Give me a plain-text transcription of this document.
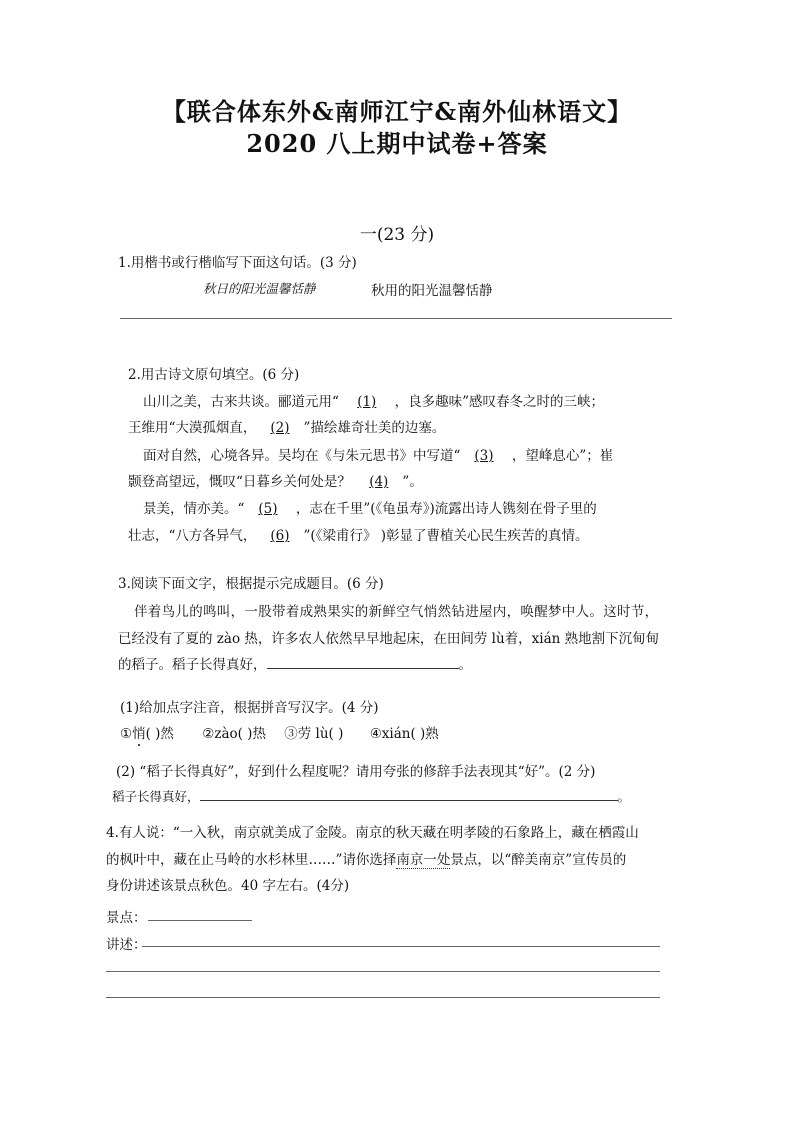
【联合体东外&南师江宁&南外仙林语文】
2020 八上期中试卷+答案
一(23 分)
1.用楷书或行楷临写下面这句话。(3 分)
秋日的阳光温馨恬静	秋用的阳光温馨恬静
2.用古诗文原句填空。(6 分)
山川之美，古来共谈。郦道元用“ (1) ，良多趣味”感叹春冬之时的三峡；
王维用“大漠孤烟直， (2) ”描绘雄奇壮美的边塞。
面对自然，心境各异。吴均在《与朱元思书》中写道“ (3) ，望峰息心”；崔
颢登高望远，慨叹“日暮乡关何处是？ (4) ”。
景美，情亦美。“ (5) ，志在千里”(《龟虽寿》)流露出诗人镌刻在骨子里的
壮志，“八方各异气， (6) ”(《梁甫行》 )彰显了曹植关心民生疾苦的真情。
3.阅读下面文字，根据提示完成题目。(6 分)
伴着鸟儿的鸣叫，一股带着成熟果实的新鲜空气悄然钻进屋内，唤醒梦中人。这时节，
已经没有了夏的 zào 热，许多农人依然早早地起床，在田间劳 lù着，xián 熟地割下沉甸甸
的稻子。稻子长得真好，	。
(1)给加点字注音，根据拼音写汉字。(4 分)
①悄( )然 ②zào( )热 ③劳 lù( ) ④xián( )熟
(2) “稻子长得真好”，好到什么程度呢？请用夸张的修辞手法表现其“好”。(2 分)
稻子长得真好，	。
4.有人说：“一入秋，南京就美成了金陵。南京的秋天藏在明孝陵的石象路上，藏在栖霞山
的枫叶中，藏在止马岭的水杉林里……”请你选择南京一处景点，以“醉美南京”宣传员的
身份讲述该景点秋色。40 字左右。(4分)
景点：
讲述：
